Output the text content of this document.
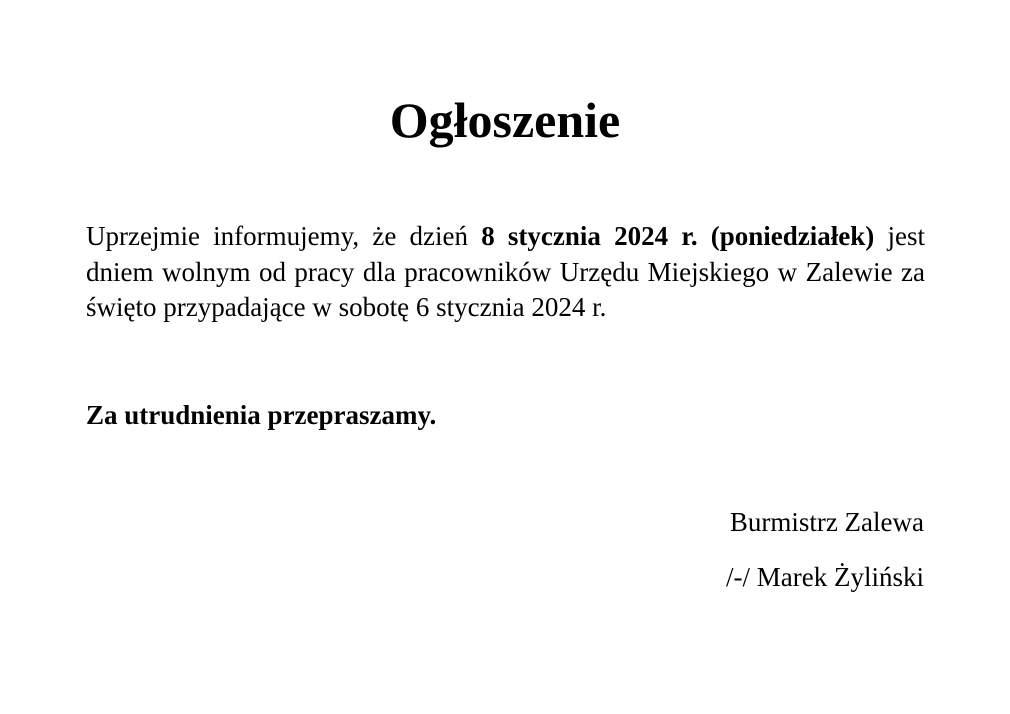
Ogłoszenie

Uprzejmie informujemy, że dzień 8 stycznia 2024 r. (poniedziałek) jest dniem wolnym od pracy dla pracowników Urzędu Miejskiego w Zalewie za święto przypadające w sobotę 6 stycznia 2024 r.

Za utrudnienia przepraszamy.

Burmistrz Zalewa

/-/ Marek Żyliński
